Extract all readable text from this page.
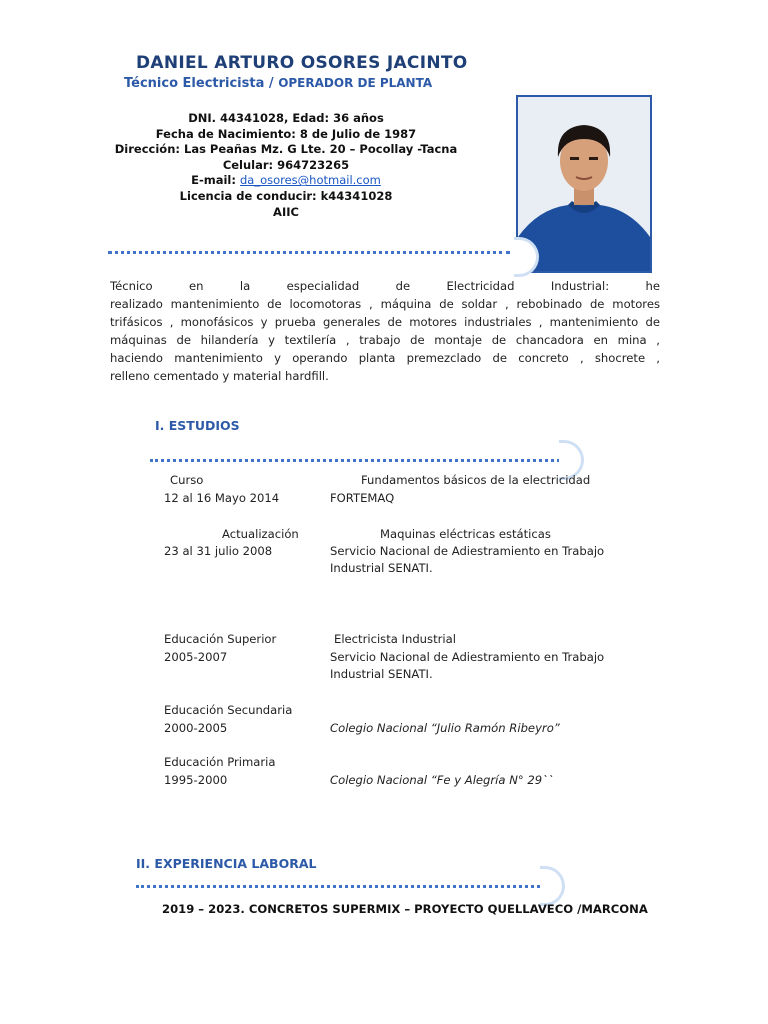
DANIEL ARTURO OSORES JACINTO
Técnico Electricista / OPERADOR DE PLANTA
DNI. 44341028, Edad: 36 años
Fecha de Nacimiento: 8 de Julio de 1987
Dirección: Las Peañas Mz. G Lte. 20 – Pocollay -Tacna
Celular: 964723265
E-mail: da_osores@hotmail.com
Licencia de conducir: k44341028
AIIC
Técnico en la especialidad de Electricidad Industrial: he
realizado mantenimiento de locomotoras , máquina de soldar , rebobinado de motores
trifásicos , monofásicos y prueba generales de motores industriales , mantenimiento de
máquinas de hilandería y textilería , trabajo de montaje de chancadora en mina ,
haciendo mantenimiento y operando planta premezclado de concreto , shocrete ,
relleno cementado y material hardfill.
I. ESTUDIOS
Curso
12 al 16 Mayo 2014
Fundamentos básicos de la electricidad
FORTEMAQ
Actualización
23 al 31 julio 2008
Maquinas eléctricas estáticas
Servicio Nacional de Adiestramiento en Trabajo
Industrial SENATI.
Educación Superior
2005-2007
Electricista Industrial
Servicio Nacional de Adiestramiento en Trabajo
Industrial SENATI.
Educación Secundaria
2000-2005	Colegio Nacional “Julio Ramón Ribeyro”
Educación Primaria
1995-2000	Colegio Nacional “Fe y Alegría N° 29``
II. EXPERIENCIA LABORAL
2019 – 2023. CONCRETOS SUPERMIX – PROYECTO QUELLAVECO /MARCONA
